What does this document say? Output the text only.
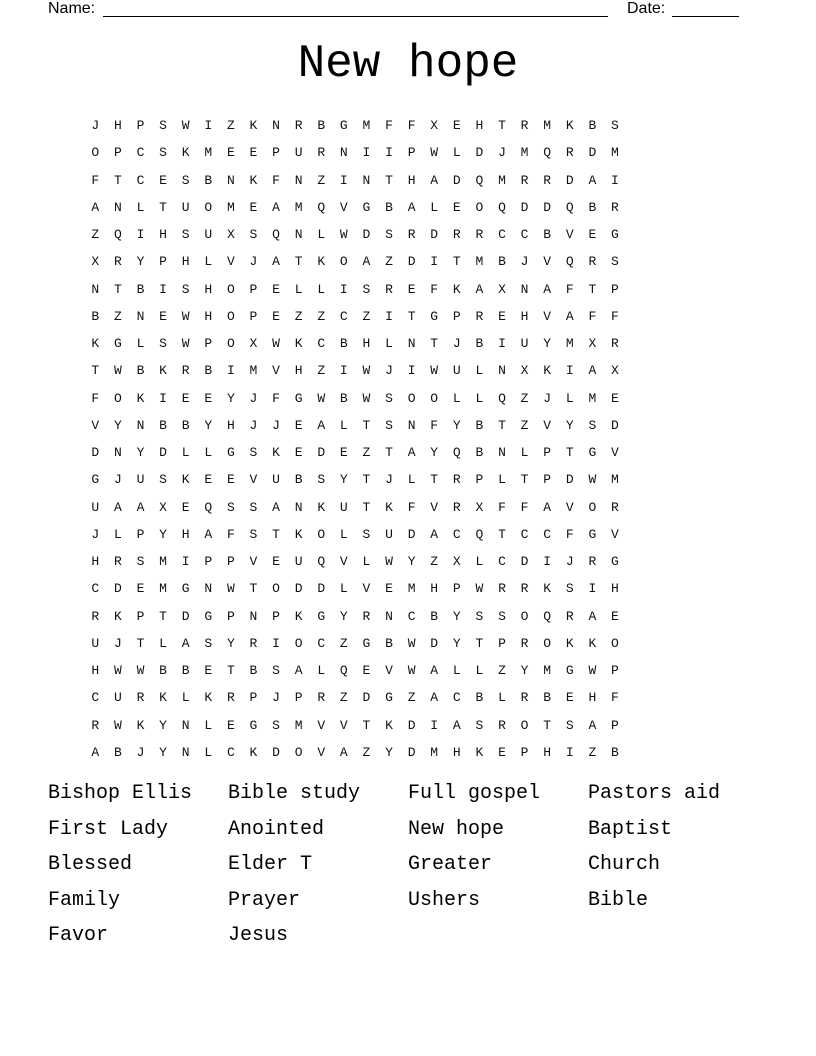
Name:	Date:
New hope
J	H	P	S	W	I	Z	K	N	R	B	G	M	F	F	X	E	H	T	R	M	K	B	S
O	P	C	S	K	M	E	E	P	U	R	N	I	I	P	W	L	D	J	M	Q	R	D	M
F	T	C	E	S	B	N	K	F	N	Z	I	N	T	H	A	D	Q	M	R	R	D	A	I
A	N	L	T	U	O	M	E	A	M	Q	V	G	B	A	L	E	O	Q	D	D	Q	B	R
Z	Q	I	H	S	U	X	S	Q	N	L	W	D	S	R	D	R	R	C	C	B	V	E	G
X	R	Y	P	H	L	V	J	A	T	K	O	A	Z	D	I	T	M	B	J	V	Q	R	S
N	T	B	I	S	H	O	P	E	L	L	I	S	R	E	F	K	A	X	N	A	F	T	P
B	Z	N	E	W	H	O	P	E	Z	Z	C	Z	I	T	G	P	R	E	H	V	A	F	F
K	G	L	S	W	P	O	X	W	K	C	B	H	L	N	T	J	B	I	U	Y	M	X	R
T	W	B	K	R	B	I	M	V	H	Z	I	W	J	I	W	U	L	N	X	K	I	A	X
F	O	K	I	E	E	Y	J	F	G	W	B	W	S	O	O	L	L	Q	Z	J	L	M	E
V	Y	N	B	B	Y	H	J	J	E	A	L	T	S	N	F	Y	B	T	Z	V	Y	S	D
D	N	Y	D	L	L	G	S	K	E	D	E	Z	T	A	Y	Q	B	N	L	P	T	G	V
G	J	U	S	K	E	E	V	U	B	S	Y	T	J	L	T	R	P	L	T	P	D	W	M
U	A	A	X	E	Q	S	S	A	N	K	U	T	K	F	V	R	X	F	F	A	V	O	R
J	L	P	Y	H	A	F	S	T	K	O	L	S	U	D	A	C	Q	T	C	C	F	G	V
H	R	S	M	I	P	P	V	E	U	Q	V	L	W	Y	Z	X	L	C	D	I	J	R	G
C	D	E	M	G	N	W	T	O	D	D	L	V	E	M	H	P	W	R	R	K	S	I	H
R	K	P	T	D	G	P	N	P	K	G	Y	R	N	C	B	Y	S	S	O	Q	R	A	E
U	J	T	L	A	S	Y	R	I	O	C	Z	G	B	W	D	Y	T	P	R	O	K	K	O
H	W	W	B	B	E	T	B	S	A	L	Q	E	V	W	A	L	L	Z	Y	M	G	W	P
C	U	R	K	L	K	R	P	J	P	R	Z	D	G	Z	A	C	B	L	R	B	E	H	F
R	W	K	Y	N	L	E	G	S	M	V	V	T	K	D	I	A	S	R	O	T	S	A	P
A	B	J	Y	N	L	C	K	D	O	V	A	Z	Y	D	M	H	K	E	P	H	I	Z	B
Bishop Ellis	Bible study	Full gospel	Pastors aid
First Lady	Anointed	New hope	Baptist
Blessed	Elder T	Greater	Church
Family	Prayer	Ushers	Bible
Favor	Jesus
